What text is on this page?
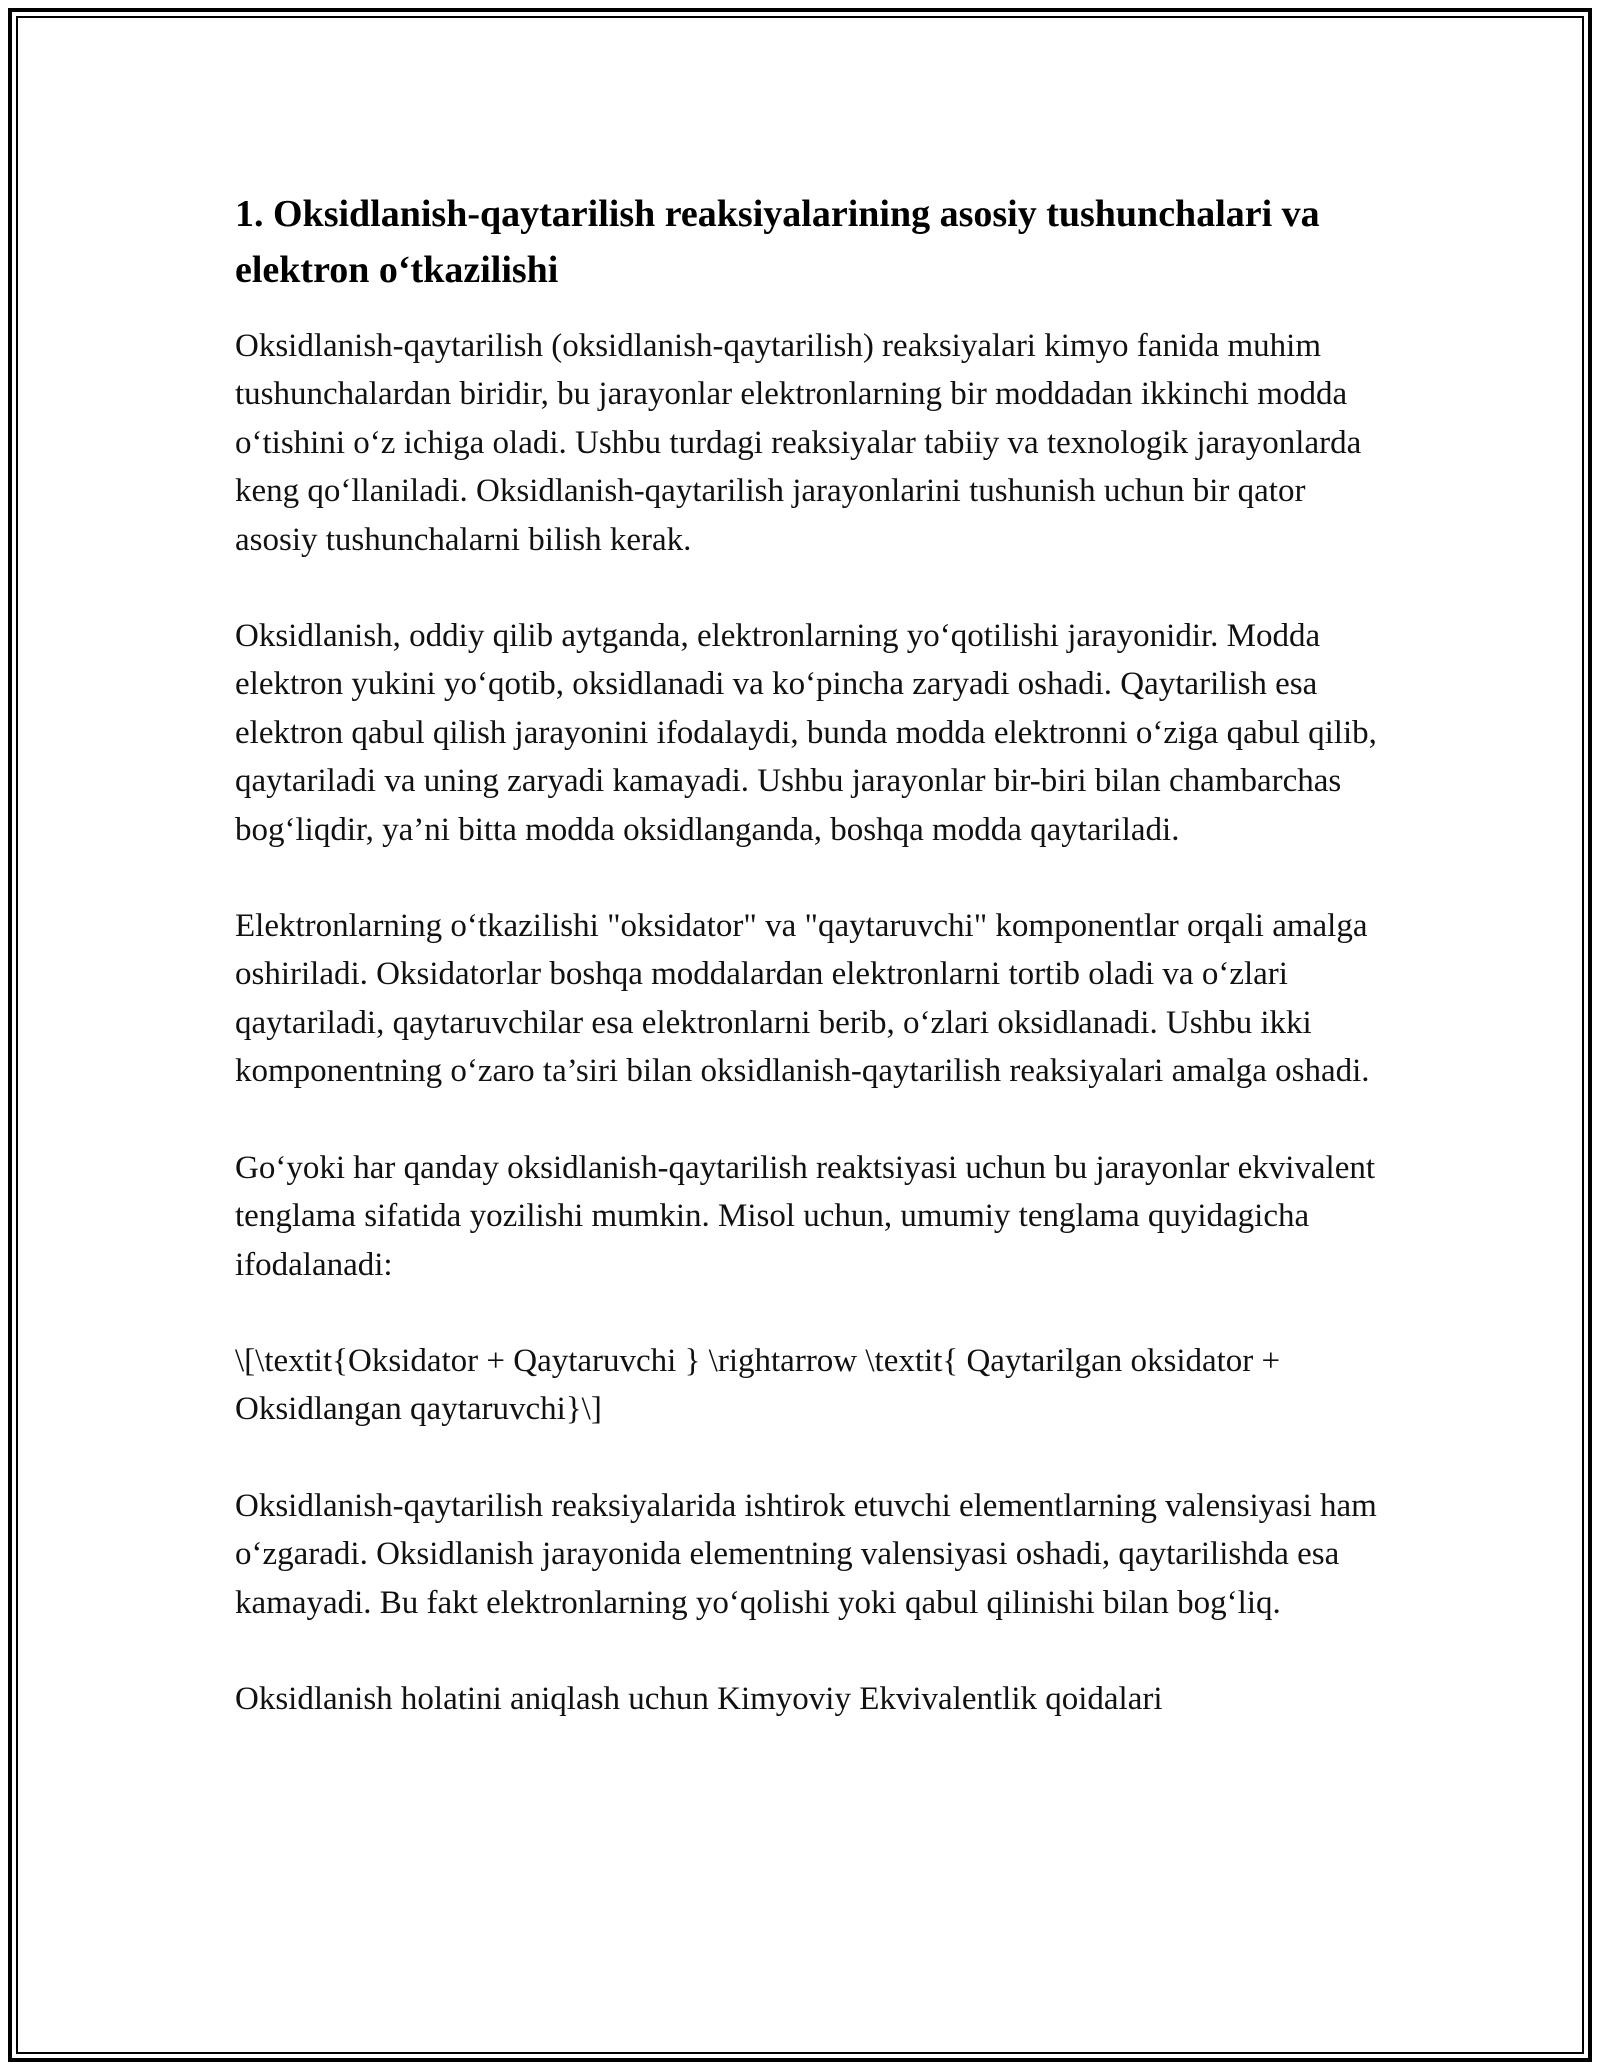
1. Oksidlanish-qaytarilish reaksiyalarining asosiy tushunchalari va elektron o‘tkazilishi

Oksidlanish-qaytarilish (oksidlanish-qaytarilish) reaksiyalari kimyo fanida muhim tushunchalardan biridir, bu jarayonlar elektronlarning bir moddadan ikkinchi modda o‘tishini o‘z ichiga oladi. Ushbu turdagi reaksiyalar tabiiy va texnologik jarayonlarda keng qo‘llaniladi. Oksidlanish-qaytarilish jarayonlarini tushunish uchun bir qator asosiy tushunchalarni bilish kerak.

Oksidlanish, oddiy qilib aytganda, elektronlarning yo‘qotilishi jarayonidir. Modda elektron yukini yo‘qotib, oksidlanadi va ko‘pincha zaryadi oshadi. Qaytarilish esa elektron qabul qilish jarayonini ifodalaydi, bunda modda elektronni o‘ziga qabul qilib, qaytariladi va uning zaryadi kamayadi. Ushbu jarayonlar bir-biri bilan chambarchas bog‘liqdir, ya’ni bitta modda oksidlanganda, boshqa modda qaytariladi.

Elektronlarning o‘tkazilishi "oksidator" va "qaytaruvchi" komponentlar orqali amalga oshiriladi. Oksidatorlar boshqa moddalardan elektronlarni tortib oladi va o‘zlari qaytariladi, qaytaruvchilar esa elektronlarni berib, o‘zlari oksidlanadi. Ushbu ikki komponentning o‘zaro ta’siri bilan oksidlanish-qaytarilish reaksiyalari amalga oshadi.

Go‘yoki har qanday oksidlanish-qaytarilish reaktsiyasi uchun bu jarayonlar ekvivalent tenglama sifatida yozilishi mumkin. Misol uchun, umumiy tenglama quyidagicha ifodalanadi:

\[\textit{Oksidator + Qaytaruvchi } \rightarrow \textit{ Qaytarilgan oksidator + Oksidlangan qaytaruvchi}\]

Oksidlanish-qaytarilish reaksiyalarida ishtirok etuvchi elementlarning valensiyasi ham o‘zgaradi. Oksidlanish jarayonida elementning valensiyasi oshadi, qaytarilishda esa kamayadi. Bu fakt elektronlarning yo‘qolishi yoki qabul qilinishi bilan bog‘liq.

Oksidlanish holatini aniqlash uchun Kimyoviy Ekvivalentlik qoidalari
